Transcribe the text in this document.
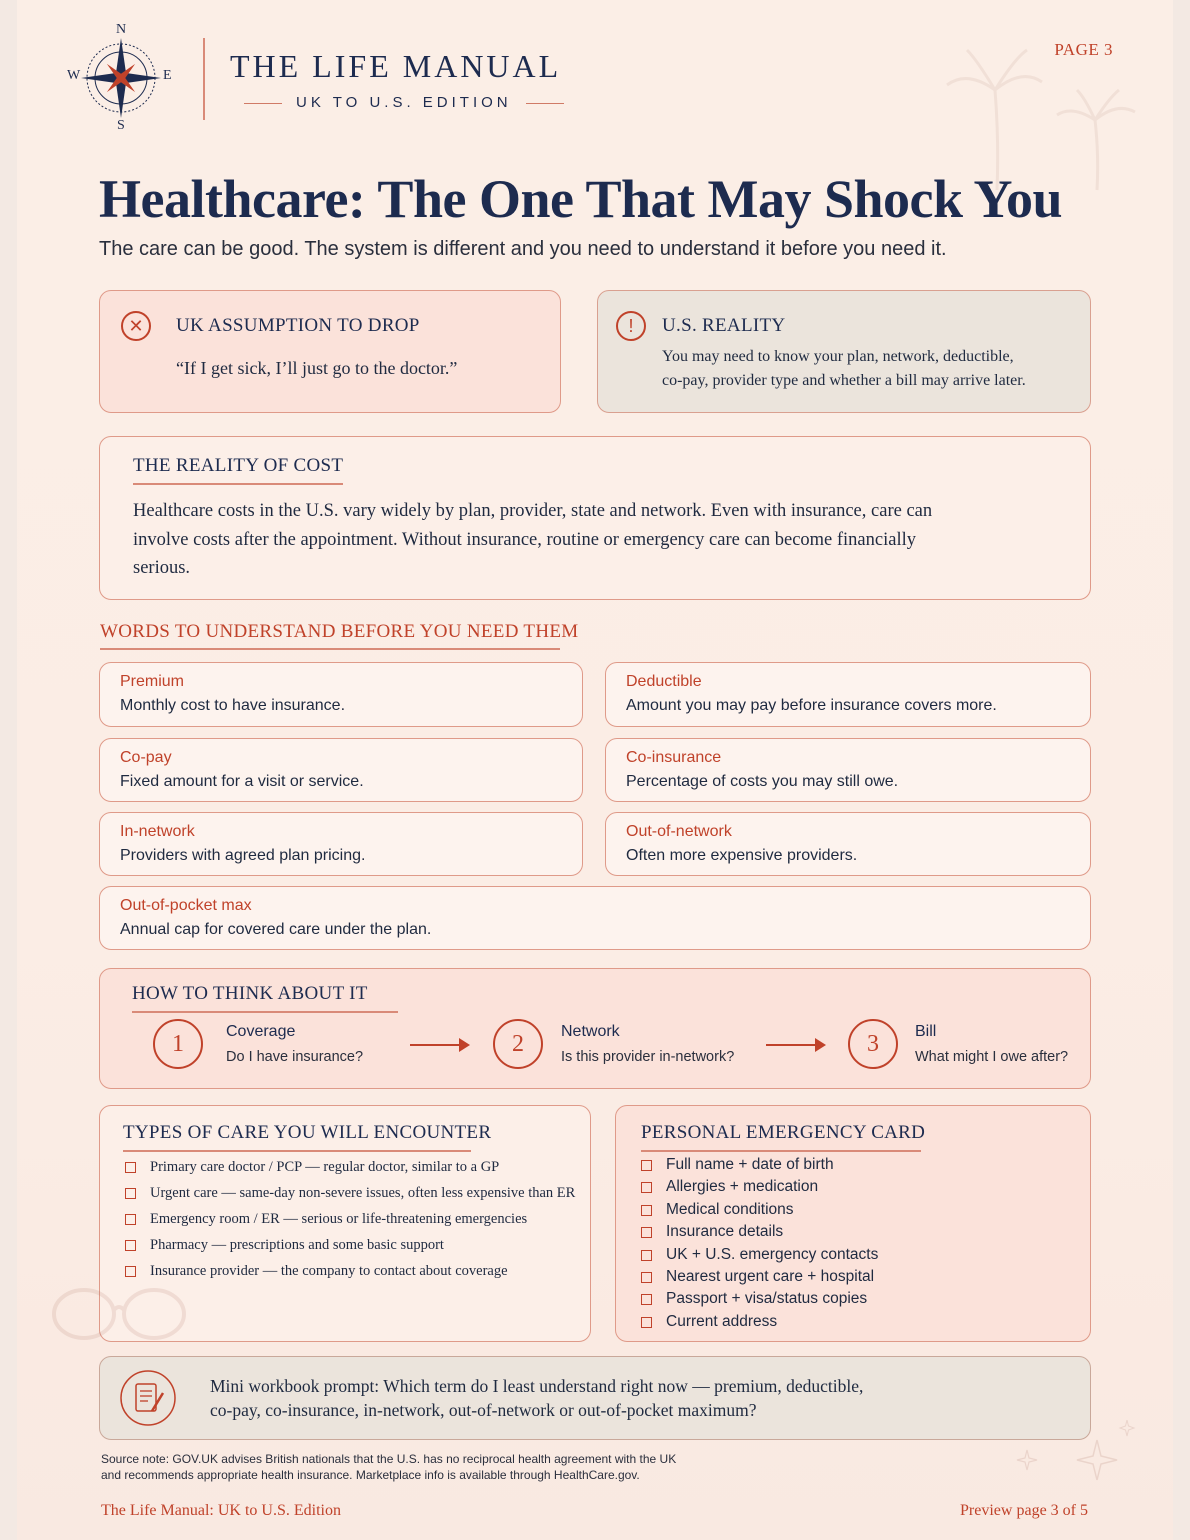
N
S
W	E THE LIFE MANUAL
UK TO U.S. EDITION
PAGE 3
Healthcare: The One That May Shock You
The care can be good. The system is different and you need to understand it before you need it.
✕	UK ASSUMPTION TO DROP
“If I get sick, I’ll just go to the doctor.”
!	U.S. REALITY
You may need to know your plan, network, deductible,
co-pay, provider type and whether a bill may arrive later.
THE REALITY OF COST
Healthcare costs in the U.S. vary widely by plan, provider, state and network. Even with insurance, care can involve costs after the appointment. Without insurance, routine or emergency care can become financially serious.
WORDS TO UNDERSTAND BEFORE YOU NEED THEM
Premium
Monthly cost to have insurance.
Deductible
Amount you may pay before insurance covers more.
Co-pay
Fixed amount for a visit or service.
Co-insurance
Percentage of costs you may still owe.
In-network
Providers with agreed plan pricing.
Out-of-network
Often more expensive providers.
Out-of-pocket max
Annual cap for covered care under the plan.
HOW TO THINK ABOUT IT
1	Coverage
Do I have insurance?
2	Network
Is this provider in-network?
3	Bill
What might I owe after?
TYPES OF CARE YOU WILL ENCOUNTER
Primary care doctor / PCP — regular doctor, similar to a GP
Urgent care — same-day non-severe issues, often less expensive than ER
Emergency room / ER — serious or life-threatening emergencies
Pharmacy — prescriptions and some basic support
Insurance provider — the company to contact about coverage
PERSONAL EMERGENCY CARD
Full name + date of birth
Allergies + medication
Medical conditions
Insurance details
UK + U.S. emergency contacts
Nearest urgent care + hospital
Passport + visa/status copies
Current address
Mini workbook prompt: Which term do I least understand right now — premium, deductible,
co-pay, co-insurance, in-network, out-of-network or out-of-pocket maximum?
Source note: GOV.UK advises British nationals that the U.S. has no reciprocal health agreement with the UK
and recommends appropriate health insurance. Marketplace info is available through HealthCare.gov.
The Life Manual: UK to U.S. Edition	Preview page 3 of 5
